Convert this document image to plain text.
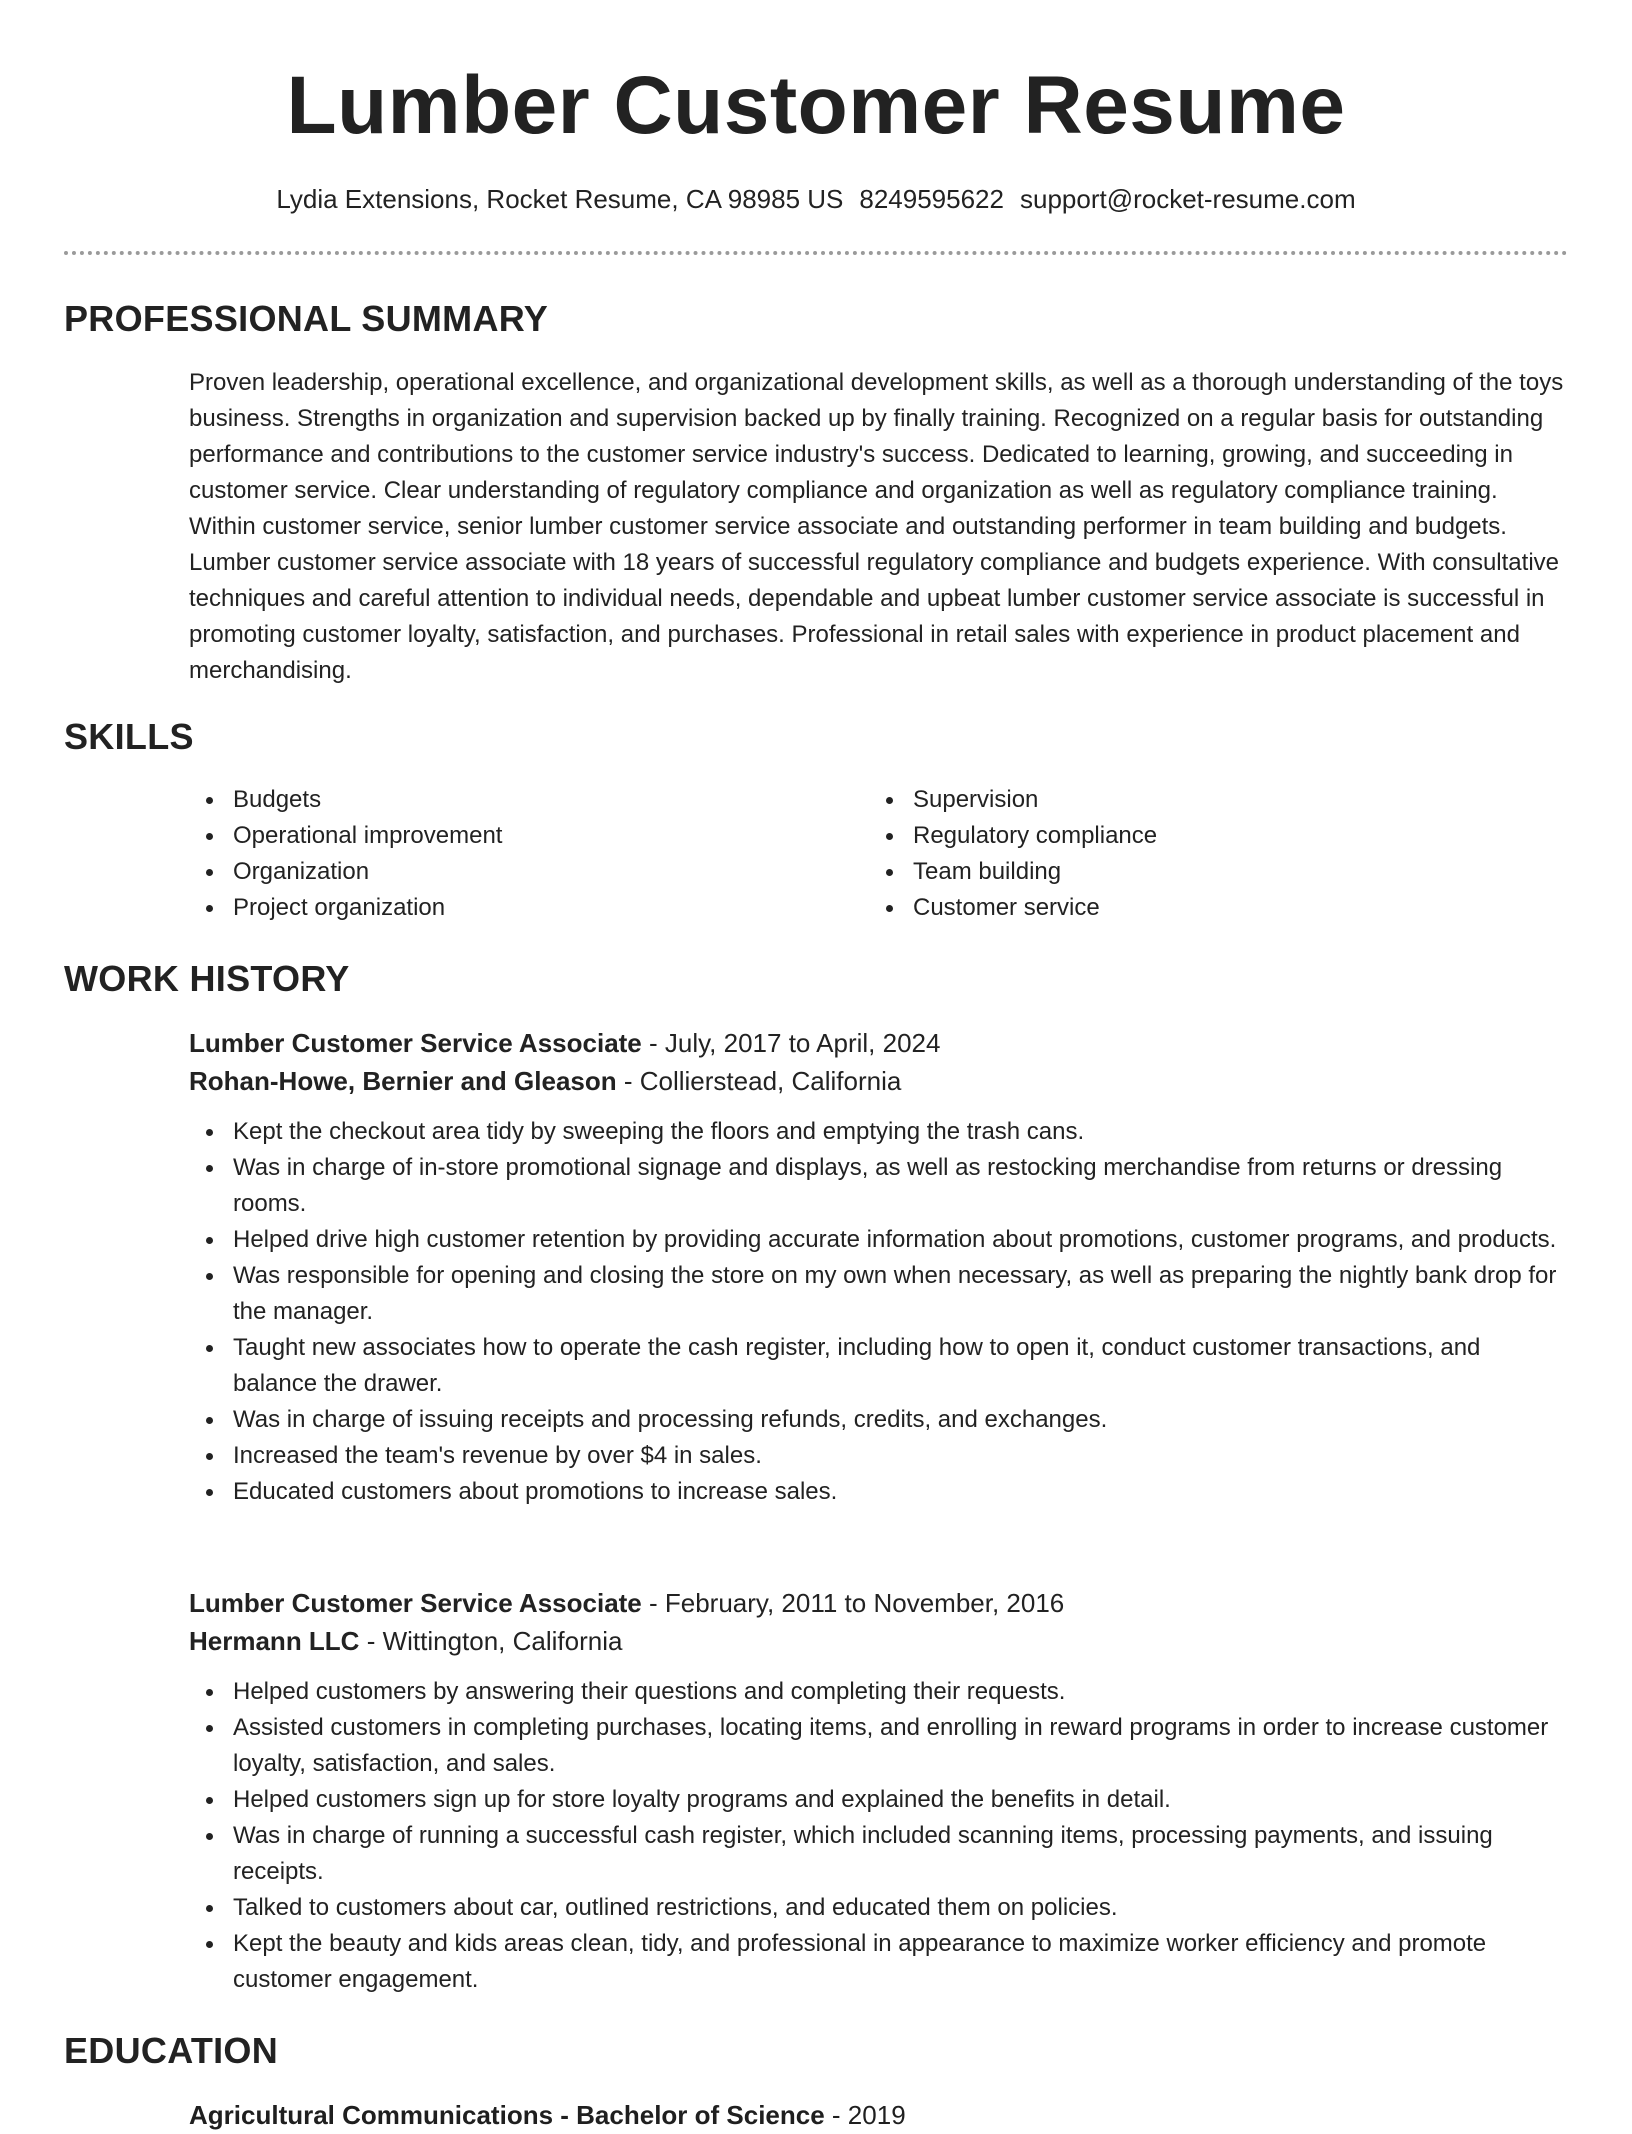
Lumber Customer Resume
Lydia Extensions, Rocket Resume, CA 98985 US 8249595622 support@rocket-resume.com
PROFESSIONAL SUMMARY

Proven leadership, operational excellence, and organizational development skills, as well as a thorough understanding of the toys business. Strengths in organization and supervision backed up by finally training. Recognized on a regular basis for outstanding performance and contributions to the customer service industry's success. Dedicated to learning, growing, and succeeding in customer service. Clear understanding of regulatory compliance and organization as well as regulatory compliance training. Within customer service, senior lumber customer service associate and outstanding performer in team building and budgets. Lumber customer service associate with 18 years of successful regulatory compliance and budgets experience. With consultative techniques and careful attention to individual needs, dependable and upbeat lumber customer service associate is successful in promoting customer loyalty, satisfaction, and purchases. Professional in retail sales with experience in product placement and merchandising.

SKILLS
Budgets
Operational improvement
Organization
Project organization
Supervision
Regulatory compliance
Team building
Customer service
WORK HISTORY
Lumber Customer Service Associate - July, 2017 to April, 2024
Rohan-Howe, Bernier and Gleason - Collierstead, California
Kept the checkout area tidy by sweeping the floors and emptying the trash cans.
Was in charge of in-store promotional signage and displays, as well as restocking merchandise from returns or dressing rooms.
Helped drive high customer retention by providing accurate information about promotions, customer programs, and products.
Was responsible for opening and closing the store on my own when necessary, as well as preparing the nightly bank drop for the manager.
Taught new associates how to operate the cash register, including how to open it, conduct customer transactions, and balance the drawer.
Was in charge of issuing receipts and processing refunds, credits, and exchanges.
Increased the team's revenue by over $4 in sales.
Educated customers about promotions to increase sales.
Lumber Customer Service Associate - February, 2011 to November, 2016
Hermann LLC - Wittington, California
Helped customers by answering their questions and completing their requests.
Assisted customers in completing purchases, locating items, and enrolling in reward programs in order to increase customer loyalty, satisfaction, and sales.
Helped customers sign up for store loyalty programs and explained the benefits in detail.
Was in charge of running a successful cash register, which included scanning items, processing payments, and issuing receipts.
Talked to customers about car, outlined restrictions, and educated them on policies.
Kept the beauty and kids areas clean, tidy, and professional in appearance to maximize worker efficiency and promote customer engagement.
EDUCATION
Agricultural Communications - Bachelor of Science - 2019
